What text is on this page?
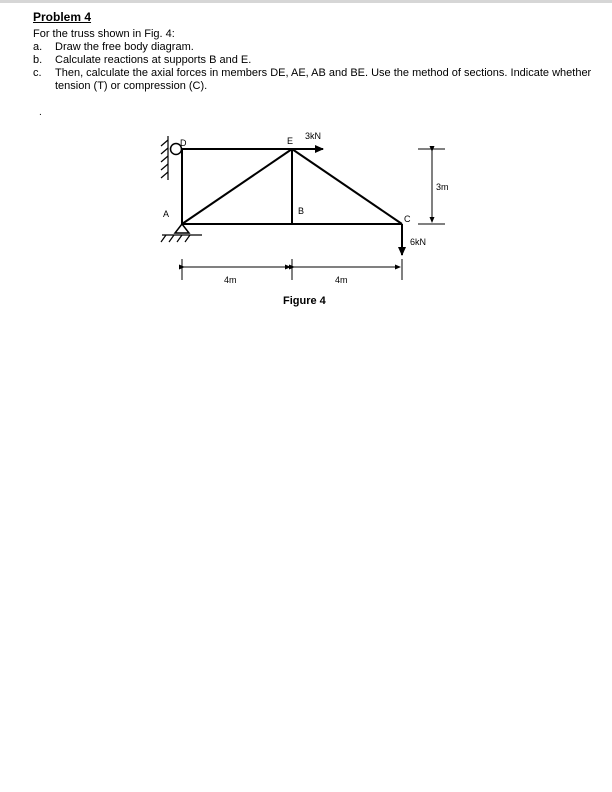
Problem 4
For the truss shown in Fig. 4:
a.	Draw the free body diagram.
b.	Calculate reactions at supports B and E.
c.	Then, calculate the axial forces in members DE, AE, AB and BE. Use the method of sections. Indicate whether tension (T) or compression (C).
.
D	E
A	B
C
3kN
6kN
4m	4m
3m
Figure 4
